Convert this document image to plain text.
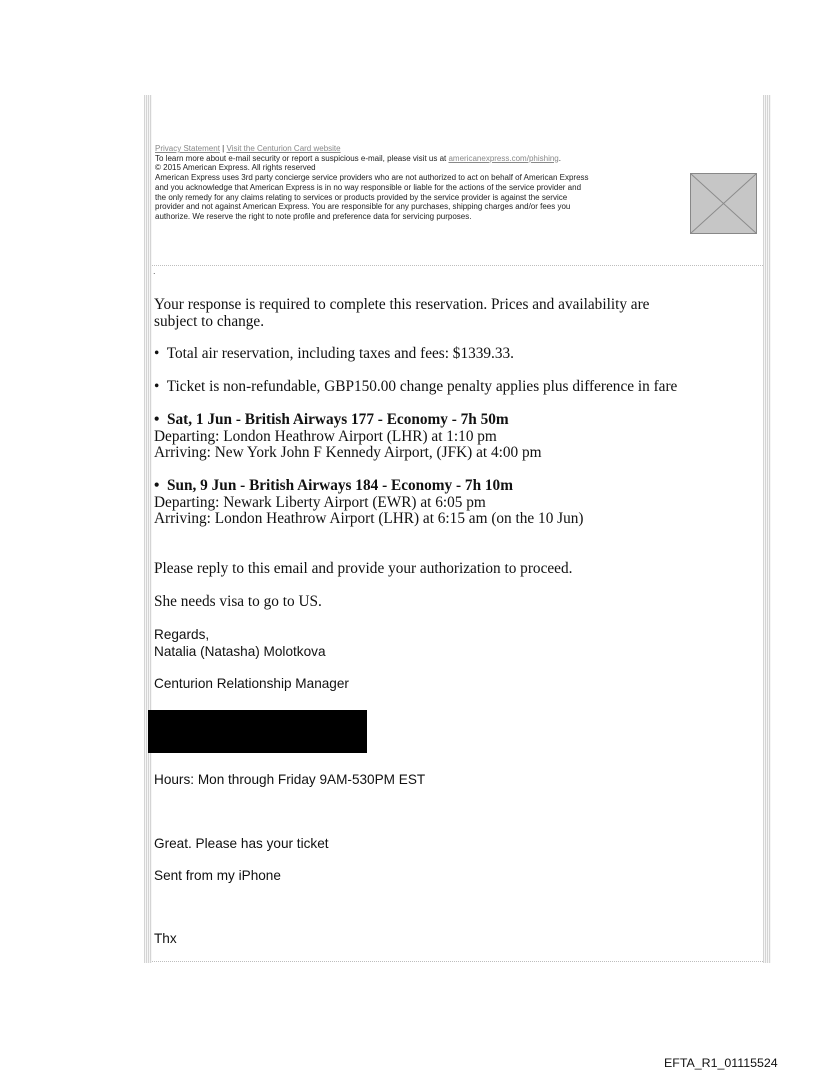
Privacy Statement | Visit the Centurion Card website
To learn more about e-mail security or report a suspicious e-mail, please visit us at americanexpress.com/phishing.
© 2015 American Express. All rights reserved
American Express uses 3rd party concierge service providers who are not authorized to act on behalf of American Express
and you acknowledge that American Express is in no way responsible or liable for the actions of the service provider and
the only remedy for any claims relating to services or products provided by the service provider is against the service
provider and not against American Express. You are responsible for any purchases, shipping charges and/or fees you
authorize. We reserve the right to note profile and preference data for servicing purposes.
.
Your response is required to complete this reservation. Prices and availability are
subject to change.
• Total air reservation, including taxes and fees: $1339.33.
• Ticket is non-refundable, GBP150.00 change penalty applies plus difference in fare
• Sat, 1 Jun - British Airways 177 - Economy - 7h 50m
Departing: London Heathrow Airport (LHR) at 1:10 pm
Arriving: New York John F Kennedy Airport, (JFK) at 4:00 pm
• Sun, 9 Jun - British Airways 184 - Economy - 7h 10m
Departing: Newark Liberty Airport (EWR) at 6:05 pm
Arriving: London Heathrow Airport (LHR) at 6:15 am (on the 10 Jun)
Please reply to this email and provide your authorization to proceed.
She needs visa to go to US.
Regards,
Natalia (Natasha) Molotkova
Centurion Relationship Manager
Hours: Mon through Friday 9AM-530PM EST
Great. Please has your ticket
Sent from my iPhone
Thx
EFTA_R1_01115524
